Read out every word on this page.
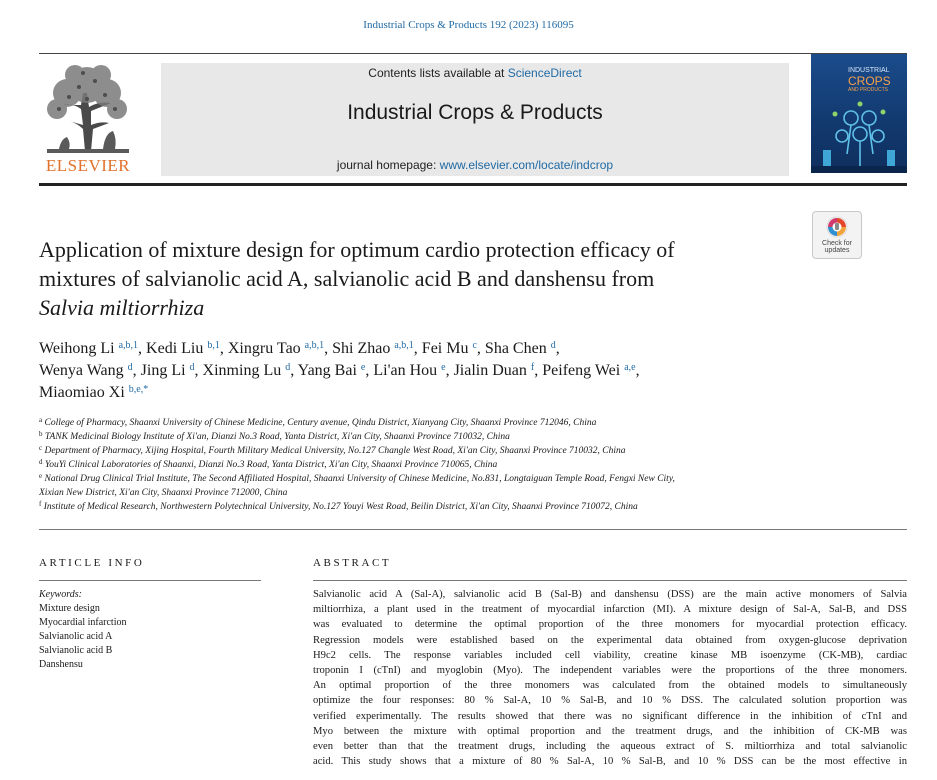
Industrial Crops & Products 192 (2023) 116095
ELSEVIER
Contents lists available at ScienceDirect
Industrial Crops & Products
journal homepage: www.elsevier.com/locate/indcrop
INDUSTRIAL
CROPS
AND PRODUCTS
Check for
updates
Application of mixture design for optimum cardio protection efficacy of
mixtures of salvianolic acid A, salvianolic acid B and danshensu from
Salvia miltiorrhiza
Weihong Li $^{a,b,1}$, Kedi Liu $^{b,1}$, Xingru Tao $^{a,b,1}$, Shi Zhao $^{a,b,1}$, Fei Mu $^c$, Sha Chen $^d$,
Wenya Wang $^d$, Jing Li $^d$, Xinming Lu $^d$, Yang Bai $^e$, Li'an Hou $^e$, Jialin Duan $^f$, Peifeng Wei $^{a,e}$,
Miaomiao Xi $^{b,e,*}$
$^a$ College of Pharmacy, Shaanxi University of Chinese Medicine, Century avenue, Qindu District, Xianyang City, Shaanxi Province 712046, China
$^b$ TANK Medicinal Biology Institute of Xi'an, Dianzi No.3 Road, Yanta District, Xi'an City, Shaanxi Province 710032, China
$^c$ Department of Pharmacy, Xijing Hospital, Fourth Military Medical University, No.127 Changle West Road, Xi'an City, Shaanxi Province 710032, China
$^d$ YouYi Clinical Laboratories of Shaanxi, Dianzi No.3 Road, Yanta District, Xi'an City, Shaanxi Province 710065, China
$^e$ National Drug Clinical Trial Institute, The Second Affiliated Hospital, Shaanxi University of Chinese Medicine, No.831, Longtaiguan Temple Road, Fengxi New City,
Xixian New District, Xi'an City, Shaanxi Province 712000, China
$^f$ Institute of Medical Research, Northwestern Polytechnical University, No.127 Youyi West Road, Beilin District, Xi'an City, Shaanxi Province 710072, China
ARTICLE INFO
Keywords:
Mixture design
Myocardial infarction
Salvianolic acid A
Salvianolic acid B
Danshensu
ABSTRACT
Salvianolic acid A (Sal-A), salvianolic acid B (Sal-B) and danshensu (DSS) are the main active monomers of Salvia
miltiorrhiza, a plant used in the treatment of myocardial infarction (MI). A mixture design of Sal-A, Sal-B, and DSS
was evaluated to determine the optimal proportion of the three monomers for myocardial protection efficacy.
Regression models were established based on the experimental data obtained from oxygen-glucose deprivation
H9c2 cells. The response variables included cell viability, creatine kinase MB isoenzyme (CK-MB), cardiac
troponin I (cTnI) and myoglobin (Myo). The independent variables were the proportions of the three monomers.
An optimal proportion of the three monomers was calculated from the obtained models to simultaneously
optimize the four responses: 80 % Sal-A, 10 % Sal-B, and 10 % DSS. The calculated solution proportion was
verified experimentally. The results showed that there was no significant difference in the inhibition of cTnI and
Myo between the mixture with optimal proportion and the treatment drugs, and the inhibition of CK-MB was
even better than that the treatment drugs, including the aqueous extract of S. miltiorrhiza and total salvianolic
acid. This study shows that a mixture of 80 % Sal-A, 10 % Sal-B, and 10 % DSS can be the most effective in
